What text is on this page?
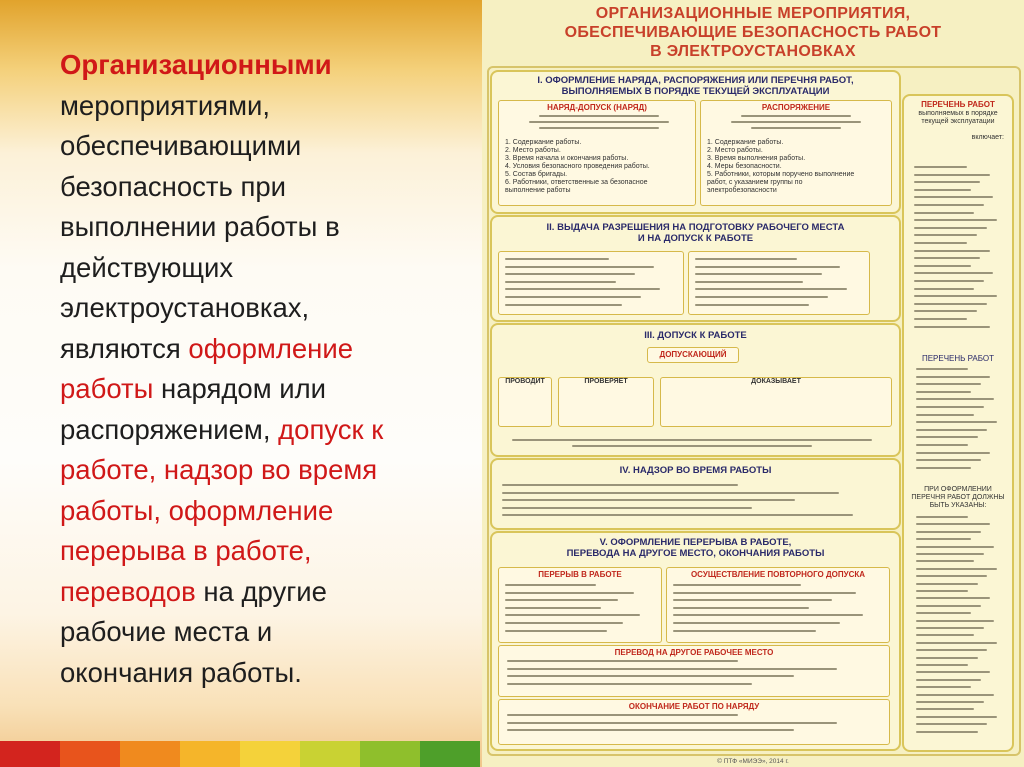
Организационными мероприятиями, обеспечивающими безопасность при выполнении работы в действующих электроустановках, являются оформление работы нарядом или распоряжением, допуск к работе, надзор во время работы, оформление перерыва в работе, переводов на другие рабочие места и окончания работы.
ОРГАНИЗАЦИОННЫЕ МЕРОПРИЯТИЯ,
ОБЕСПЕЧИВАЮЩИЕ БЕЗОПАСНОСТЬ РАБОТ
В ЭЛЕКТРОУСТАНОВКАХ
I. ОФОРМЛЕНИЕ НАРЯДА, РАСПОРЯЖЕНИЯ ИЛИ ПЕРЕЧНЯ РАБОТ,
ВЫПОЛНЯЕМЫХ В ПОРЯДКЕ ТЕКУЩЕЙ ЭКСПЛУАТАЦИИ
НАРЯД-ДОПУСК (НАРЯД)
1. Содержание работы.
2. Место работы.
3. Время начала и окончания работы.
4. Условия безопасного проведения работы.
5. Состав бригады.
6. Работники, ответственные за безопасное
выполнение работы
РАСПОРЯЖЕНИЕ
1. Содержание работы.
2. Место работы.
3. Время выполнения работы.
4. Меры безопасности.
5. Работники, которым поручено выполнение
работ, с указанием группы по
электробезопасности
ПЕРЕЧЕНЬ РАБОТ
выполняемых в порядке
текущей эксплуатации
включает:
ПЕРЕЧЕНЬ РАБОТ
ПРИ ОФОРМЛЕНИИ
ПЕРЕЧНЯ РАБОТ ДОЛЖНЫ
БЫТЬ УКАЗАНЫ:
II. ВЫДАЧА РАЗРЕШЕНИЯ НА ПОДГОТОВКУ РАБОЧЕГО МЕСТА
И НА ДОПУСК К РАБОТЕ
III. ДОПУСК К РАБОТЕ
ДОПУСКАЮЩИЙ
ПРОВОДИТ	ПРОВЕРЯЕТ	ДОКАЗЫВАЕТ
IV. НАДЗОР ВО ВРЕМЯ РАБОТЫ
V. ОФОРМЛЕНИЕ ПЕРЕРЫВА В РАБОТЕ,
ПЕРЕВОДА НА ДРУГОЕ МЕСТО, ОКОНЧАНИЯ РАБОТЫ
ПЕРЕРЫВ В РАБОТЕ	ОСУЩЕСТВЛЕНИЕ ПОВТОРНОГО ДОПУСКА
ПЕРЕВОД НА ДРУГОЕ РАБОЧЕЕ МЕСТО
ОКОНЧАНИЕ РАБОТ ПО НАРЯДУ
© ПТФ «МИЭЭ», 2014 г.
